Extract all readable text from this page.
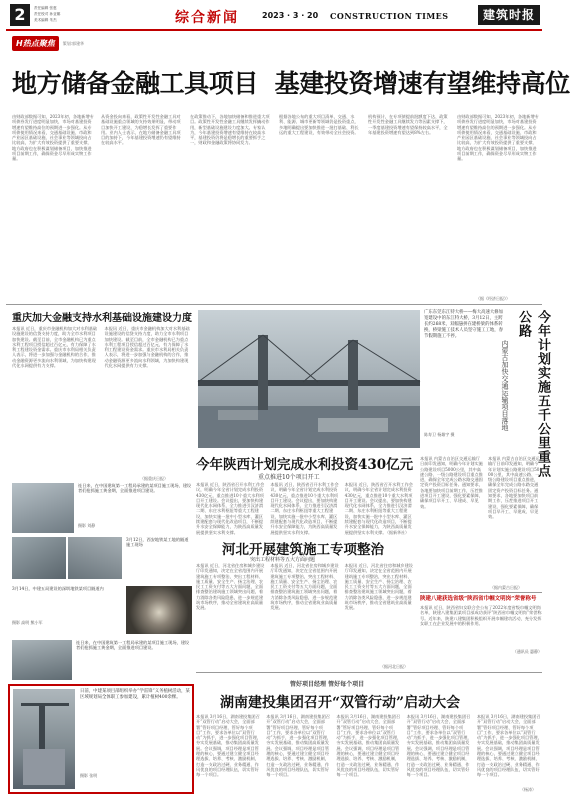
2	责任编辑 张惠
责任校对 孙亚娜
美术编辑 朱杰	综合新闻	2023 · 3 · 20 CONSTRUCTION TIMES	建筑时报
H热点聚焦	策划:郭建华
地方储备金融工具项目  基建投资增速有望维持高位
由财政部数据可知，2023年初，各地新增专项债券发行进度明显加快，市场对基建投资增速有望维持高位的预期进一步强化。从专项债使用情况来看，交通基础设施、市政和产业园区基础设施、社会事业等领域投向占比较高，为扩大有效投资提供了重要支撑，地方政府也在积极谋划储备项目，加快推进项目前期工作，确保资金尽早形成实物工作量。
从资金投向来看，政策性开发性金融工具对基础设施重点领域的支持效果明显，带动项目加快开工建设，为稳增长发挥了重要作用。业内人士表示，在地方储备金融工具项目的加持下，今年基建投资增速仍有望维持在较高水平。
在政策推动下，各地加快储备和推进重大项目。政策性开发性金融工具继续发挥撬动作用，新型基础设施建设力度加大。专家认为，今年基建投资增速有望维持在较高水平，基建投资仍将是稳增长的重要抓手之一，财政和金融政策将协同发力。
根据各地公布的重大项目清单，交通、水利、能源、城市更新等领域仍是投资重点，多地明确提出要加快推进一批打基础、利长远的重大工程建设，有效带动全社会投资。
机构预计，在专项债提前批额度下达、政策性开发性金融工具继续发力等因素支撑下，一季度基建投资增速有望保持较高水平，全年基建投资增速有望达到8%左右。
由财政部数据可知，2023年初，各地新增专项债券发行进度明显加快，市场对基建投资增速有望维持高位的预期进一步强化。从专项债使用情况来看，交通基础设施、市政和产业园区基础设施、社会事业等领域投向占比较高，为扩大有效投资提供了重要支撑，地方政府也在积极谋划储备项目，加快推进项目前期工作，确保资金尽早形成实物工作量。
（据《经济日报》）
重庆加大金融支持水利基础设施建设力度
本报讯 近日，重庆市金融机构加大对水利基础设施建设的信贷支持力度，助力全市水利项目加快建设。截至目前，全市金融机构已为重点水利工程项目授信超过百亿元，有力保障了水利工程建设资金需求。重庆市水利局相关负责人表示，将进一步加强与金融机构的合作，推动金融资源更多流向水利领域，为加快构建现代化水网提供有力支撑。
本报讯 近日，重庆市金融机构加大对水利基础设施建设的信贷支持力度，助力全市水利项目加快建设。截至目前，全市金融机构已为重点水利工程项目授信超过百亿元，有力保障了水利工程建设资金需求。重庆市水利局相关负责人表示，将进一步加强与金融机构的合作，推动金融资源更多流向水利领域，为加快构建现代化水网提供有力支撑。
（据重庆日报）
广东东莞东江特大桥——梅大高速大修加宽建设中的东江特大桥，3月12日，主跨长约268米，双幅悬拼在建桥梁的体系转换，桥梁施工技术人员坚守施工工地，春节假期施工不停。
陈寿卫 杨雄宇 摄
本报讯 内蒙古自治区交通运输厅日前印发通知，明确今年计划实施公路建设项目5000公里，其中高速公路、一级公路建设项目重点推进，确保全年完成公路水路交通固定资产投资目标任务。通知要求，各地要加快项目前期工作，压茬推进项目开工建设，强化要素保障，确保项目早开工、早建成、早见效。
今年计划实施五千公里重点公路
内蒙古加快交通运输项目落地
本报讯 内蒙古自治区交通运输厅日前印发通知，明确今年计划实施公路建设项目5000公里，其中高速公路、一级公路建设项目重点推进，确保全年完成公路水路交通固定资产投资目标任务。通知要求，各地要加快项目前期工作，压茬推进项目开工建设，强化要素保障，确保项目早开工、早建成、早见效。
（据内蒙古日报）
今年陕西计划完成水利投资430亿元
重点推进10个项目开工
本报讯 近日，陕西省召开水利工作会议，明确今年全省计划完成水利投资430亿元，重点推进10个重大水利项目开工建设。会议提出，要加快构建现代化水网体系，全力推进引汉济渭二期、东庄水利枢纽等重大工程建设，加快实施一批中小型水库、灌区续建配套与现代化改造项目，不断提升水安全保障能力，为陕西高质量发展提供坚实水利支撑。
本报讯 近日，陕西省召开水利工作会议，明确今年全省计划完成水利投资430亿元，重点推进10个重大水利项目开工建设。会议提出，要加快构建现代化水网体系，全力推进引汉济渭二期、东庄水利枢纽等重大工程建设，加快实施一批中小型水库、灌区续建配套与现代化改造项目，不断提升水安全保障能力，为陕西高质量发展提供坚实水利支撑。
本报讯 近日，陕西省召开水利工作会议，明确今年全省计划完成水利投资430亿元，重点推进10个重大水利项目开工建设。会议提出，要加快构建现代化水网体系，全力推进引汉济渭二期、东庄水利枢纽等重大工程建设，加快实施一批中小型水库、灌区续建配套与现代化改造项目，不断提升水安全保障能力，为陕西高质量发展提供坚实水利支撑。
（据新华社）
连日来，在中国建筑第一工程局承建的某项目施工现场，建设者们抢抓施工黄金期，全面推进项目建设。
摄影 刘静
3月12日，西安地铁某工地的隧道施工现场
3月14日，中建五局建设的深圳地铁某项目隧道内
摄影 高明 熊小军
连日来，在中国建筑第一工程局承建的某项目施工现场，建设者们抢抓施工黄金期，全面推进项目建设。
日前，中建某项目部组织举办“学雷锋”义务植树活动，某区域规划局全体职工参加建设，累计植树400余棵。
摄影 张明
河北开展建筑施工专项整治
突出工程材料等五大方面问题
本报讯 近日，河北省住房和城乡建设厅印发通知，决定在全省范围内开展建筑施工专项整治，突出工程材料、施工质量、安全生产、扬尘治理、农民工工资支付等五大方面问题，全面排查整治建筑施工领域突出问题，着力消除各类风险隐患，进一步规范建筑市场秩序，推动全省建筑业高质量发展。
本报讯 近日，河北省住房和城乡建设厅印发通知，决定在全省范围内开展建筑施工专项整治，突出工程材料、施工质量、安全生产、扬尘治理、农民工工资支付等五大方面问题，全面排查整治建筑施工领域突出问题，着力消除各类风险隐患，进一步规范建筑市场秩序，推动全省建筑业高质量发展。
本报讯 近日，河北省住房和城乡建设厅印发通知，决定在全省范围内开展建筑施工专项整治，突出工程材料、施工质量、安全生产、扬尘治理、农民工工资支付等五大方面问题，全面排查整治建筑施工领域突出问题，着力消除各类风险隐患，进一步规范建筑市场秩序，推动全省建筑业高质量发展。
（据河北日报）
陕建八建获选省级“陕西省巾帼文明岗”荣誉称号
本报讯 近日，陕西省妇女联合会公布了2022年度省级巾帼文明岗名单，陕建八建集团某项目部成功获评“陕西省巾帼文明岗”荣誉称号。近年来，陕建八建集团积极组织开展巾帼建功活动，充分发挥女职工在企业发展中的积极作用。
（通讯员 惠静）
管好项目经理 管好每个项目
湖南建投集团召开“双管行动”启动大会
本报讯 3月16日，湖南建投集团召开“双管行动”启动大会，全面部署“管好项目经理、管好每个项目”工作，要求各单位以“双管行动”为抓手，进一步强化项目管理，夯实发展基础，推动集团高质量发展。会议强调，项目经理是项目管理的核心，要通过建立健全项目经理选拔、培养、考核、激励机制，打造一支政治过硬、业务精通、作风优良的项目经理队伍，切实管好每一个项目。
本报讯 3月16日，湖南建投集团召开“双管行动”启动大会，全面部署“管好项目经理、管好每个项目”工作，要求各单位以“双管行动”为抓手，进一步强化项目管理，夯实发展基础，推动集团高质量发展。会议强调，项目经理是项目管理的核心，要通过建立健全项目经理选拔、培养、考核、激励机制，打造一支政治过硬、业务精通、作风优良的项目经理队伍，切实管好每一个项目。
本报讯 3月16日，湖南建投集团召开“双管行动”启动大会，全面部署“管好项目经理、管好每个项目”工作，要求各单位以“双管行动”为抓手，进一步强化项目管理，夯实发展基础，推动集团高质量发展。会议强调，项目经理是项目管理的核心，要通过建立健全项目经理选拔、培养、考核、激励机制，打造一支政治过硬、业务精通、作风优良的项目经理队伍，切实管好每一个项目。
本报讯 3月16日，湖南建投集团召开“双管行动”启动大会，全面部署“管好项目经理、管好每个项目”工作，要求各单位以“双管行动”为抓手，进一步强化项目管理，夯实发展基础，推动集团高质量发展。会议强调，项目经理是项目管理的核心，要通过建立健全项目经理选拔、培养、考核、激励机制，打造一支政治过硬、业务精通、作风优良的项目经理队伍，切实管好每一个项目。
本报讯 3月16日，湖南建投集团召开“双管行动”启动大会，全面部署“管好项目经理、管好每个项目”工作，要求各单位以“双管行动”为抓手，进一步强化项目管理，夯实发展基础，推动集团高质量发展。会议强调，项目经理是项目管理的核心，要通过建立健全项目经理选拔、培养、考核、激励机制，打造一支政治过硬、业务精通、作风优良的项目经理队伍，切实管好每一个项目。
（杨涛）
